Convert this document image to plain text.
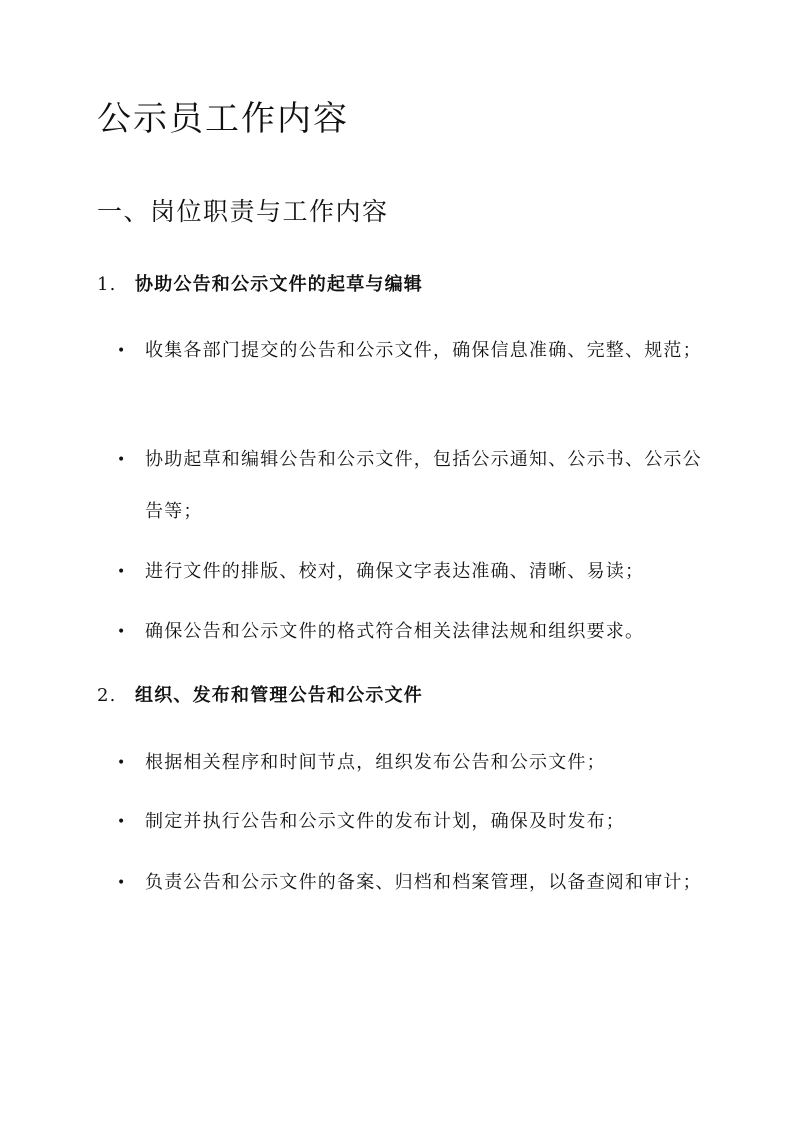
公示员工作内容
一、岗位职责与工作内容
1. 协助公告和公示文件的起草与编辑
•	收集各部门提交的公告和公示文件，确保信息准确、完整、规范；
•	协助起草和编辑公告和公示文件，包括公示通知、公示书、公示公告等；
•	进行文件的排版、校对，确保文字表达准确、清晰、易读；
•	确保公告和公示文件的格式符合相关法律法规和组织要求。
2. 组织、发布和管理公告和公示文件
•	根据相关程序和时间节点，组织发布公告和公示文件；
•	制定并执行公告和公示文件的发布计划，确保及时发布；
•	负责公告和公示文件的备案、归档和档案管理，以备查阅和审计；
